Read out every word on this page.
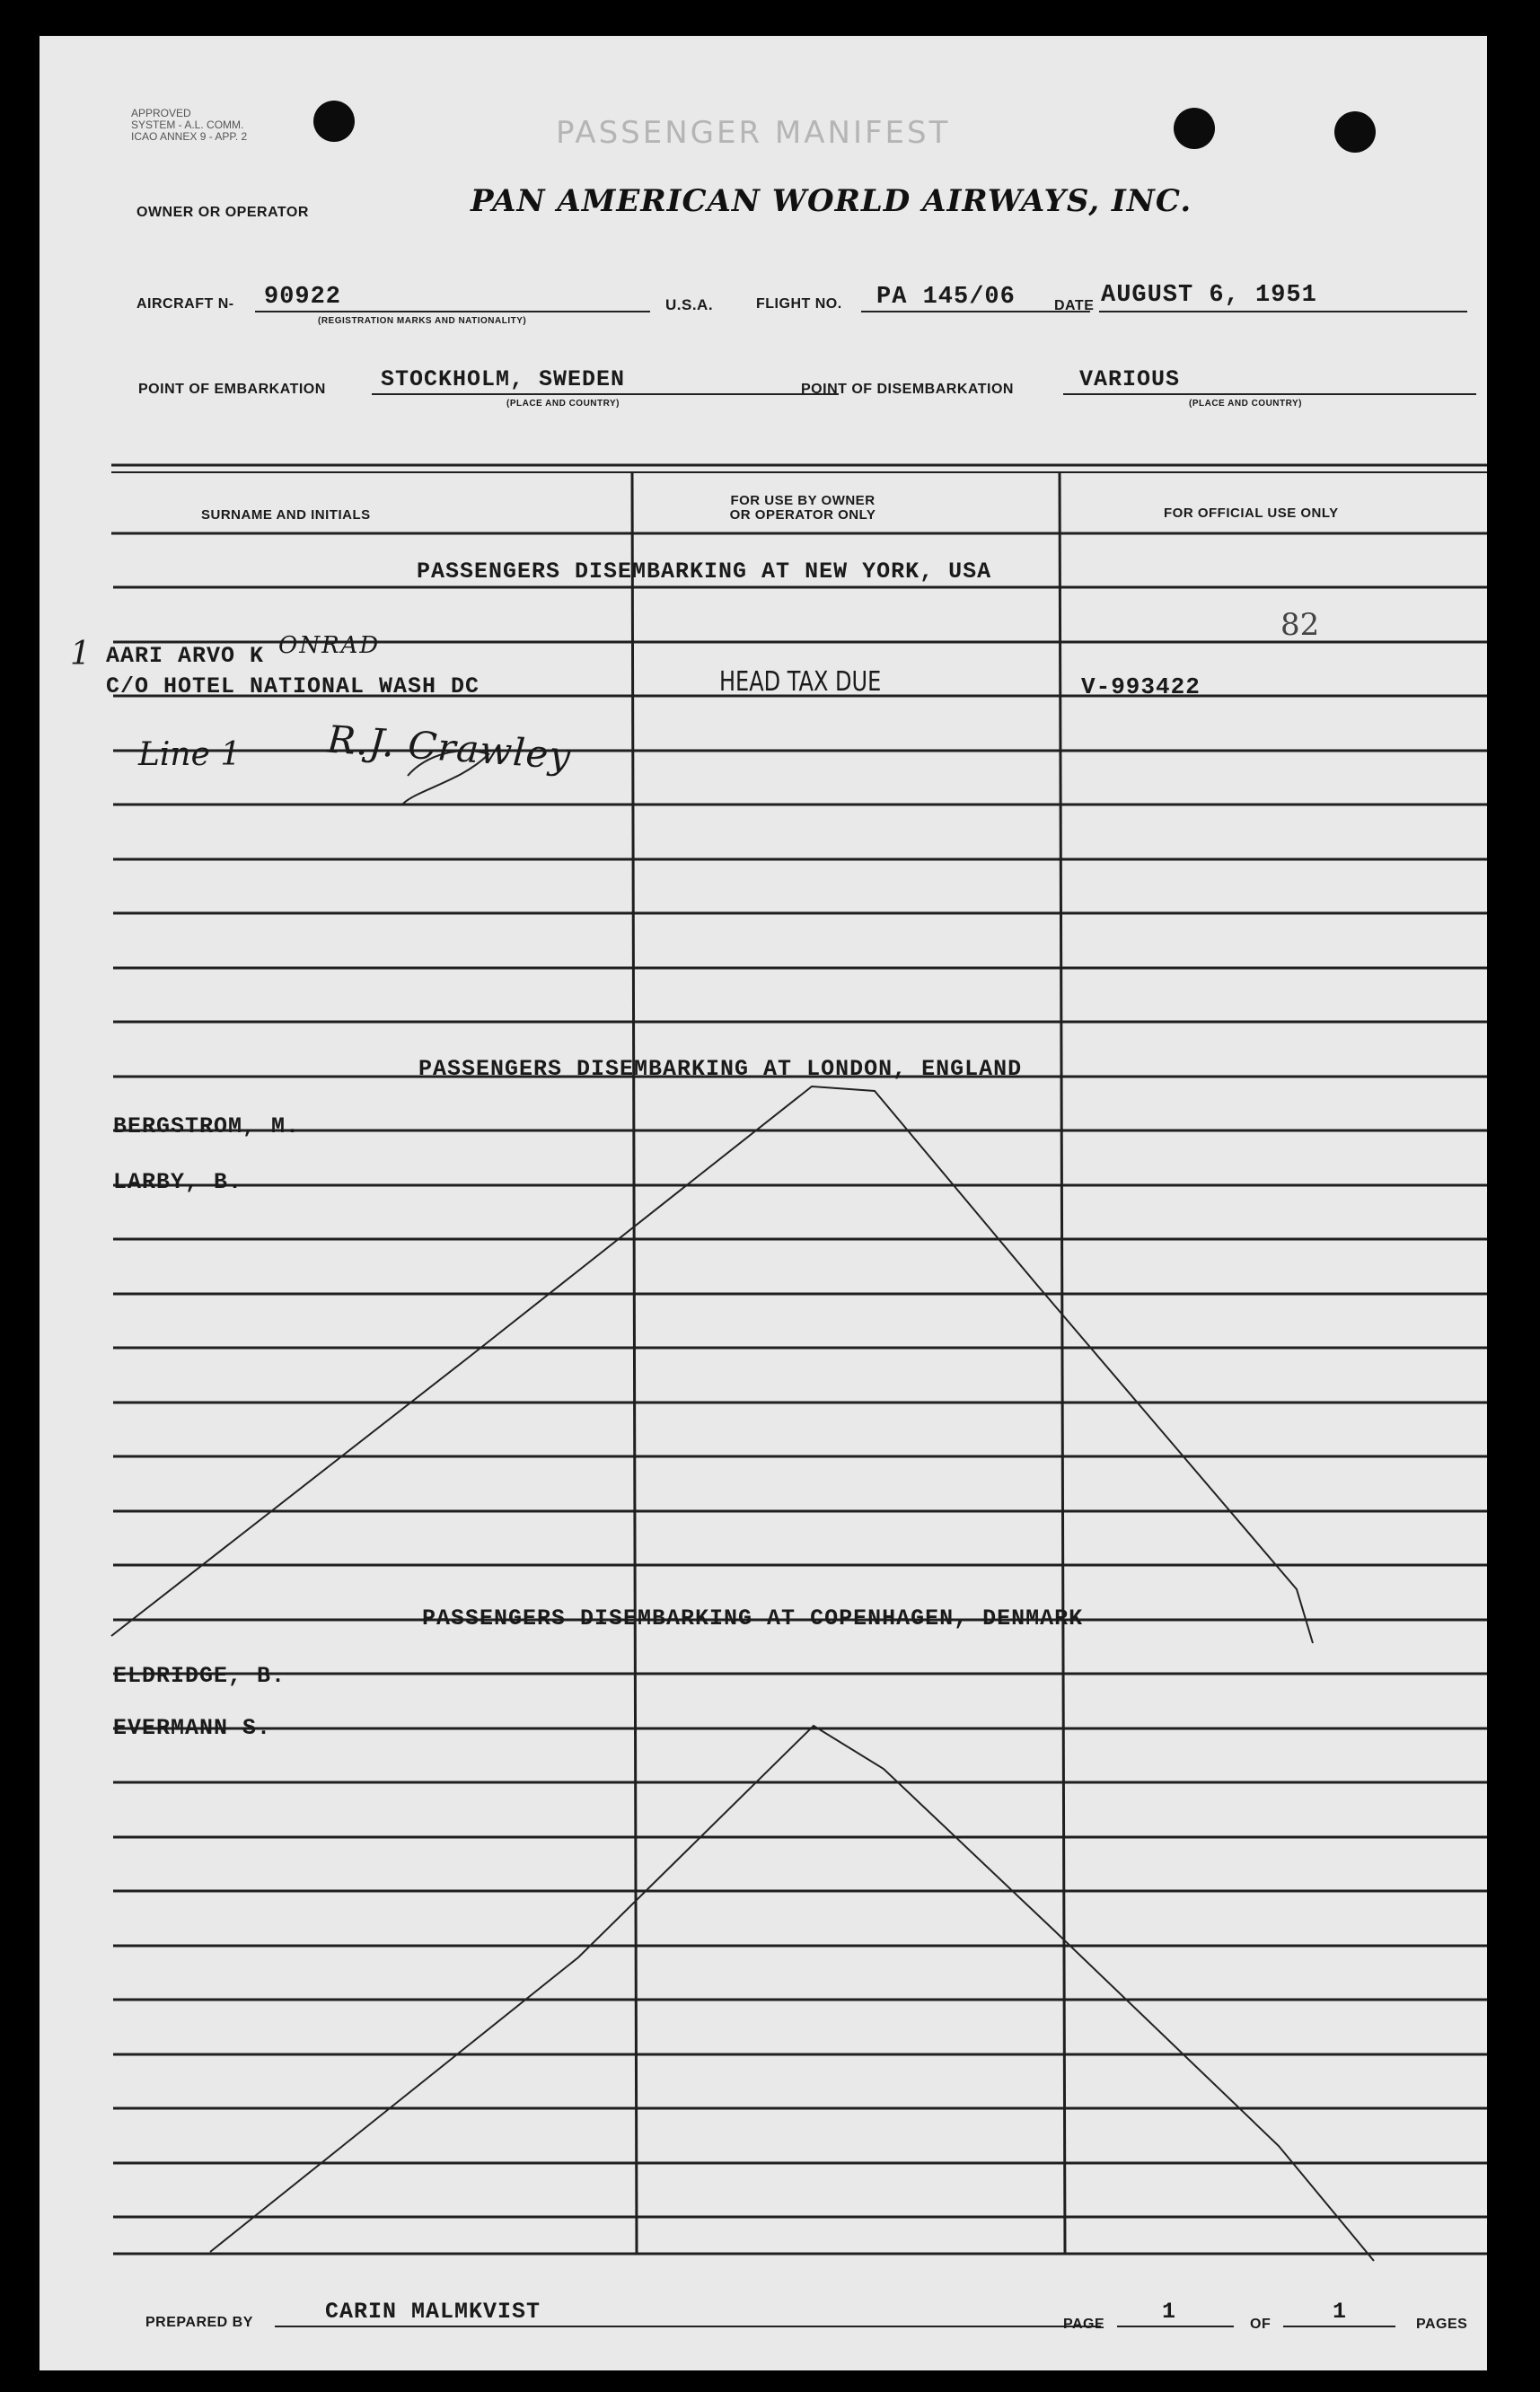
APPROVED
SYSTEM - A.L. COMM.
ICAO ANNEX 9 - APP. 2	PASSENGER MANIFEST
OWNER OR OPERATOR	PAN AMERICAN WORLD AIRWAYS, INC.
AIRCRAFT N- 90922
(REGISTRATION MARKS AND NATIONALITY)
U.S.A.	FLIGHT NO. PA 145/06	DATE AUGUST 6, 1951
POINT OF EMBARKATION STOCKHOLM, SWEDEN
(PLACE AND COUNTRY)
POINT OF DISEMBARKATION	VARIOUS
(PLACE AND COUNTRY)
SURNAME AND INITIALS
FOR USE BY OWNER
OR OPERATOR ONLY	FOR OFFICIAL USE ONLY
PASSENGERS DISEMBARKING AT NEW YORK, USA
82
1 AARI ARVO K ONRAD
C/O HOTEL NATIONAL WASH DC	HEAD TAX DUE	V-993422
Line 1 R.J. Crawley
PASSENGERS DISEMBARKING AT LONDON, ENGLAND
BERGSTROM, M.
LARBY, B.
PASSENGERS DISEMBARKING AT COPENHAGEN, DENMARK
ELDRIDGE, B.
EVERMANN S.
PREPARED BY	CARIN MALMKVIST	PAGE	1	OF	1	PAGES
